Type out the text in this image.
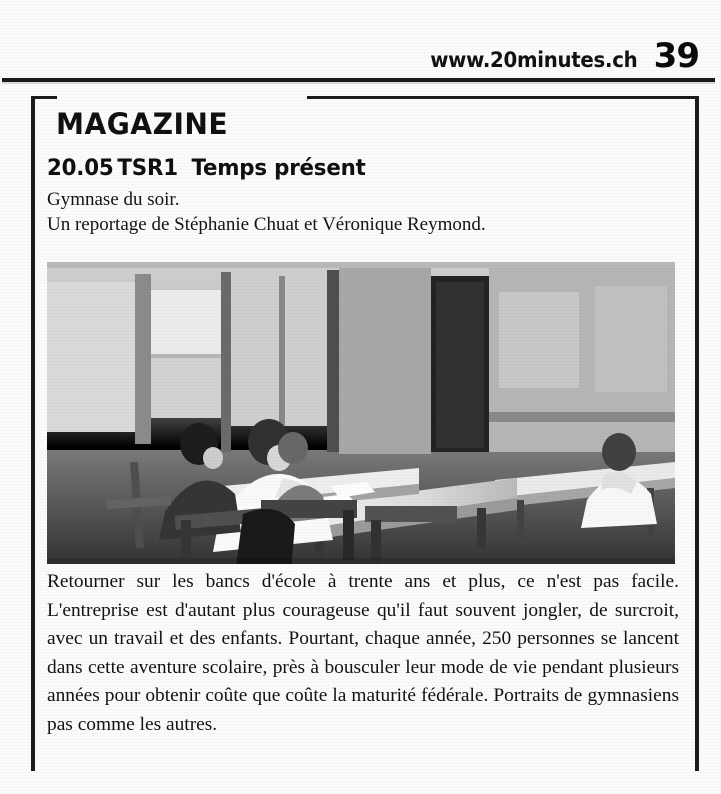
www.20minutes.ch 39
MAGAZINE
20.05 TSR1 Temps présent

Gymnase du soir.

Un reportage de Stéphanie Chuat et Véronique Reymond.

Retourner sur les bancs d'école à trente ans et plus, ce n'est pas facile. L'entreprise est d'autant plus courageuse qu'il faut souvent jongler, de surcroit, avec un travail et des enfants. Pourtant, chaque année, 250 personnes se lancent dans cette aventure scolaire, près à bousculer leur mode de vie pendant plusieurs années pour obtenir coûte que coûte la maturité fédérale. Portraits de gymnasiens pas comme les autres.
